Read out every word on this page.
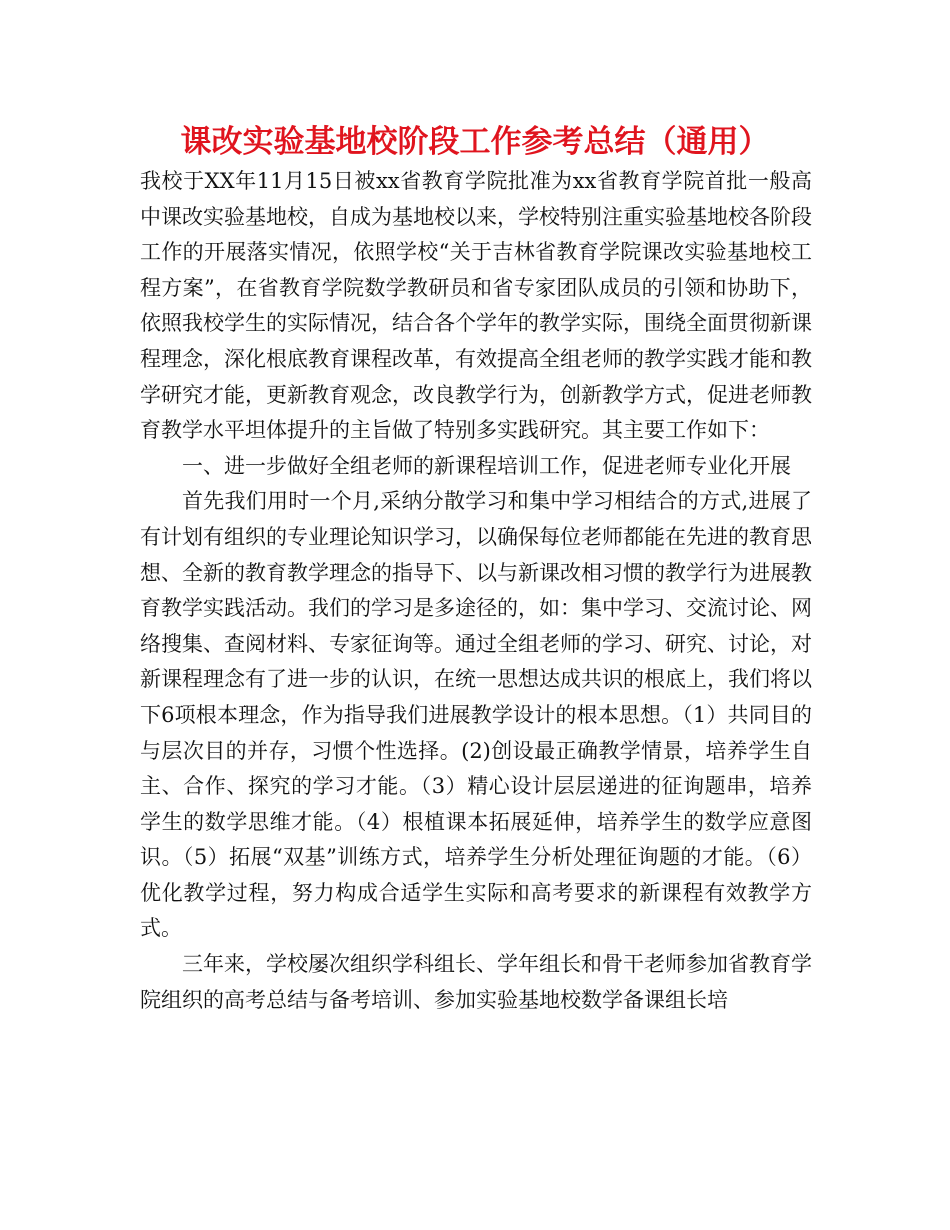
课改实验基地校阶段工作参考总结（通用）

我校于XX年11月15日被xx省教育学院批准为xx省教育学院首批一般高中课改实验基地校，自成为基地校以来，学校特别注重实验基地校各阶段工作的开展落实情况，依照学校“关于吉林省教育学院课改实验基地校工程方案”，在省教育学院数学教研员和省专家团队成员的引领和协助下，依照我校学生的实际情况，结合各个学年的教学实际，围绕全面贯彻新课程理念，深化根底教育课程改革，有效提高全组老师的教学实践才能和教学研究才能，更新教育观念，改良教学行为，创新教学方式，促进老师教育教学水平坦体提升的主旨做了特别多实践研究。其主要工作如下：

一、进一步做好全组老师的新课程培训工作，促进老师专业化开展

首先我们用时一个月,采纳分散学习和集中学习相结合的方式,进展了有计划有组织的专业理论知识学习，以确保每位老师都能在先进的教育思想、全新的教育教学理念的指导下、以与新课改相习惯的教学行为进展教育教学实践活动。我们的学习是多途径的，如：集中学习、交流讨论、网络搜集、查阅材料、专家征询等。通过全组老师的学习、研究、讨论，对新课程理念有了进一步的认识，在统一思想达成共识的根底上，我们将以下6项根本理念，作为指导我们进展教学设计的根本思想。（1）共同目的与层次目的并存，习惯个性选择。(2)创设最正确教学情景，培养学生自主、合作、探究的学习才能。（3）精心设计层层递进的征询题串，培养学生的数学思维才能。（4）根植课本拓展延伸，培养学生的数学应意图识。（5）拓展“双基”训练方式，培养学生分析处理征询题的才能。（6）优化教学过程，努力构成合适学生实际和高考要求的新课程有效教学方式。

三年来，学校屡次组织学科组长、学年组长和骨干老师参加省教育学院组织的高考总结与备考培训、参加实验基地校数学备课组长培
